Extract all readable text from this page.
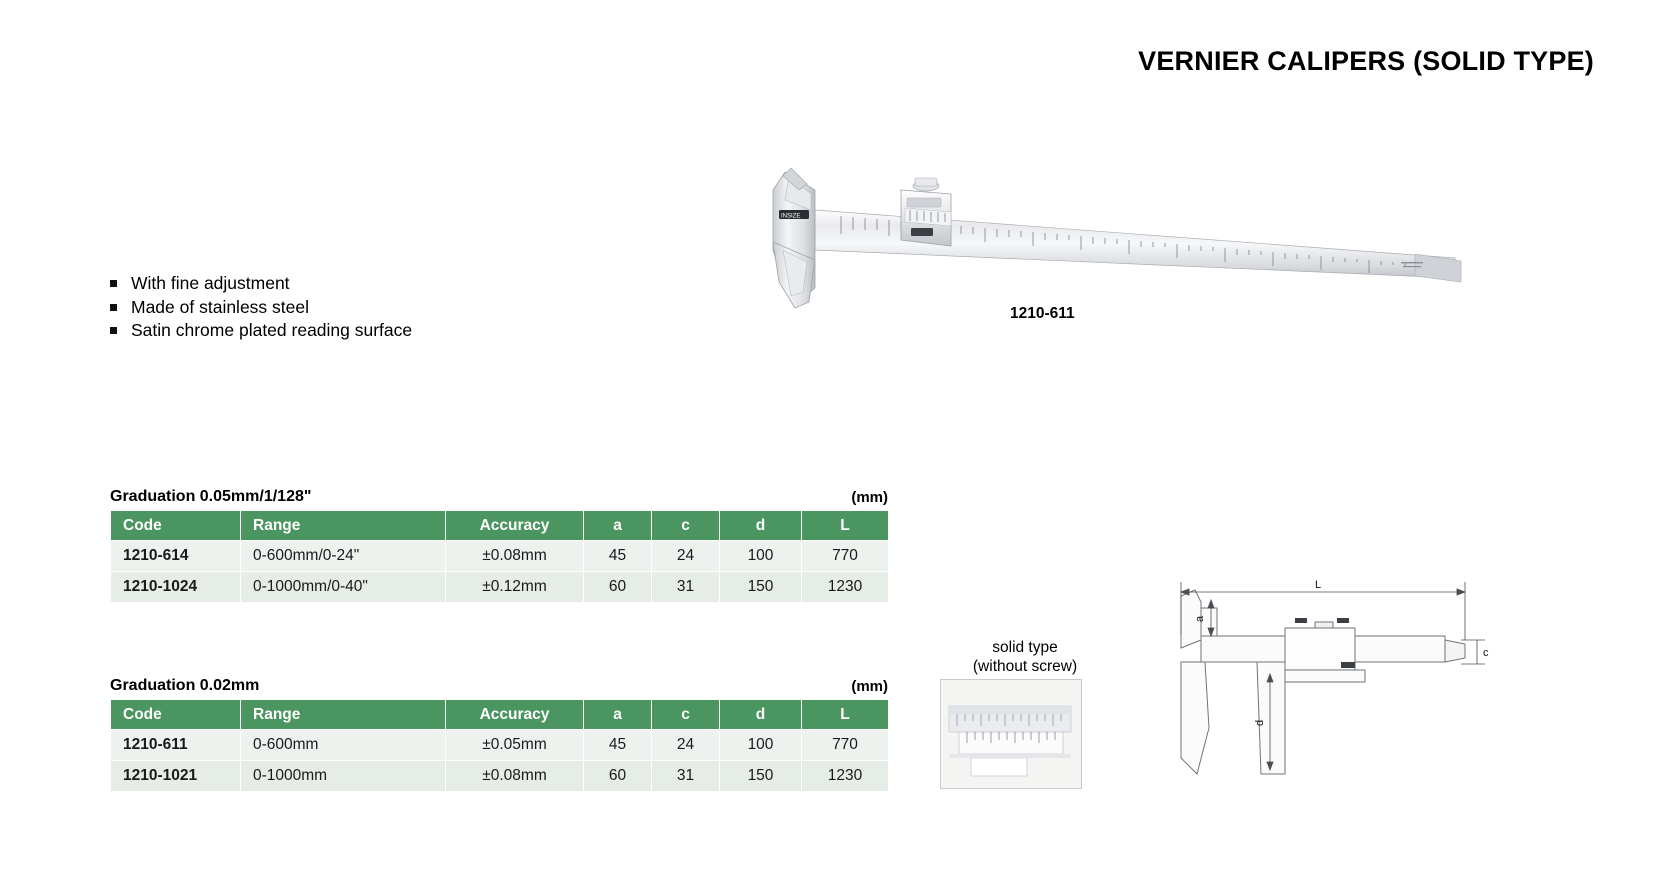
VERNIER CALIPERS (SOLID TYPE)
With fine adjustment
Made of stainless steel
Satin chrome plated reading surface
INSIZE
1210-611
Graduation 0.05mm/1/128"	(mm)
Code	Range	Accuracy	a	c	d	L
1210-614	0-600mm/0-24"	±0.08mm	45	24	100	770
1210-1024	0-1000mm/0-40"	±0.12mm	60	31	150	1230
Graduation 0.02mm	(mm)
Code	Range	Accuracy	a	c	d	L
1210-611	0-600mm	±0.05mm	45	24	100	770
1210-1021	0-1000mm	±0.08mm	60	31	150	1230
solid type
(without screw)
L
a
c
d
